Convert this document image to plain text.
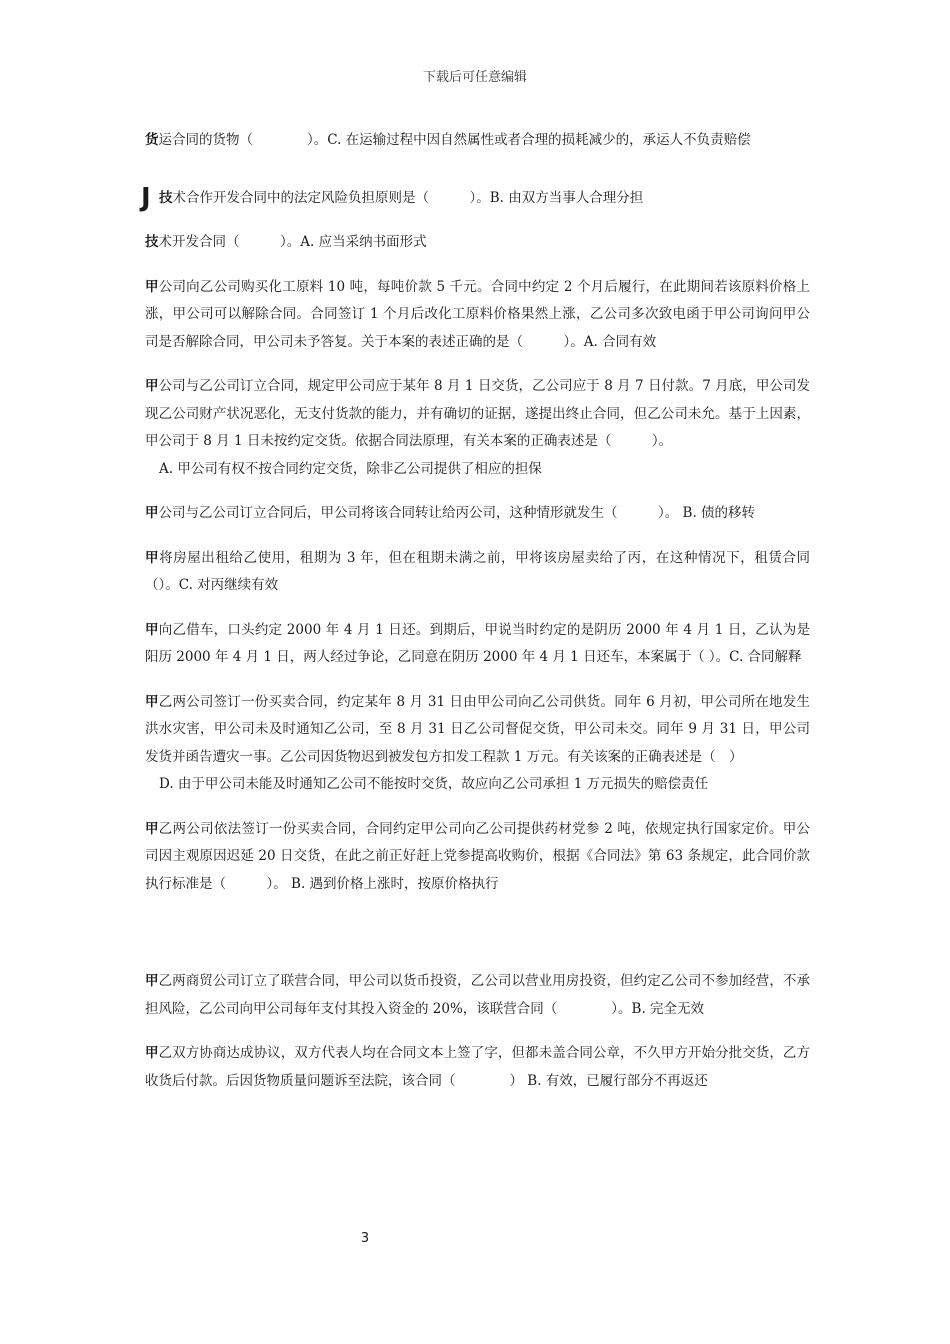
下载后可任意编辑

货运合同的货物（　　　　）。C. 在运输过程中因自然属性或者合理的损耗减少的，承运人不负责赔偿

J 技术合作开发合同中的法定风险负担原则是（　　　）。B. 由双方当事人合理分担

技术开发合同（　　　）。A. 应当采纳书面形式

甲公司向乙公司购买化工原料 10 吨，每吨价款 5 千元。合同中约定 2 个月后履行，在此期间若该原料价格上涨，甲公司可以解除合同。合同签订 1 个月后改化工原料价格果然上涨，乙公司多次致电函于甲公司询问甲公司是否解除合同，甲公司未予答复。关于本案的表述正确的是（　　　）。A. 合同有效

甲公司与乙公司订立合同，规定甲公司应于某年 8 月 1 日交货，乙公司应于 8 月 7 日付款。7 月底，甲公司发现乙公司财产状况恶化，无支付货款的能力，并有确切的证据，遂提出终止合同，但乙公司未允。基于上因素，甲公司于 8 月 1 日未按约定交货。依据合同法原理，有关本案的正确表述是（　　　）。
A. 甲公司有权不按合同约定交货，除非乙公司提供了相应的担保

甲公司与乙公司订立合同后，甲公司将该合同转让给丙公司，这种情形就发生（　　　）。 B. 债的移转

甲将房屋出租给乙使用，租期为 3 年，但在租期未满之前，甲将该房屋卖给了丙，在这种情况下，租赁合同（）。C. 对丙继续有效

甲向乙借车，口头约定 2000 年 4 月 1 日还。到期后，甲说当时约定的是阴历 2000 年 4 月 1 日，乙认为是阳历 2000 年 4 月 1 日，两人经过争论，乙同意在阴历 2000 年 4 月 1 日还车，本案属于（ ）。C. 合同解释

甲乙两公司签订一份买卖合同，约定某年 8 月 31 日由甲公司向乙公司供货。同年 6 月初，甲公司所在地发生洪水灾害，甲公司未及时通知乙公司，至 8 月 31 日乙公司督促交货，甲公司未交。同年 9 月 31 日，甲公司发货并函告遭灾一事。乙公司因货物迟到被发包方扣发工程款 1 万元。有关该案的正确表述是（　）
D. 由于甲公司未能及时通知乙公司不能按时交货，故应向乙公司承担 1 万元损失的赔偿责任

甲乙两公司依法签订一份买卖合同，合同约定甲公司向乙公司提供药材党参 2 吨，依规定执行国家定价。甲公司因主观原因迟延 20 日交货，在此之前正好赶上党参提高收购价，根据《合同法》第 63 条规定，此合同价款执行标准是（　　　）。 B. 遇到价格上涨时，按原价格执行

甲乙两商贸公司订立了联营合同，甲公司以货币投资，乙公司以营业用房投资，但约定乙公司不参加经营，不承担风险，乙公司向甲公司每年支付其投入资金的 20%，该联营合同（　　　　）。B. 完全无效

甲乙双方协商达成协议，双方代表人均在合同文本上签了字，但都未盖合同公章，不久甲方开始分批交货，乙方收货后付款。后因货物质量问题诉至法院，该合同（　　　　） B. 有效，已履行部分不再返还

3
